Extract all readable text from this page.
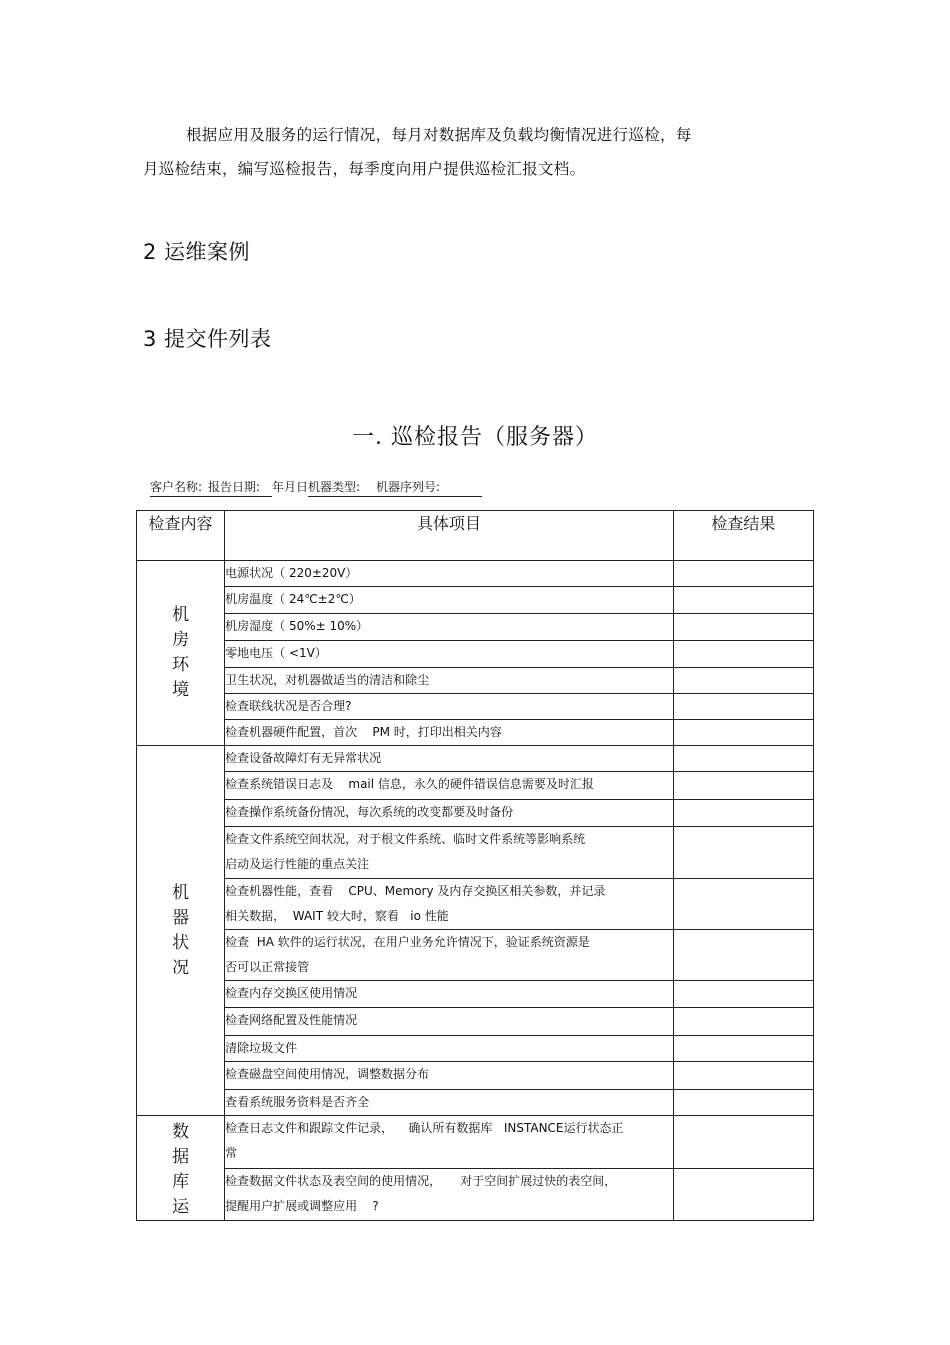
根据应用及服务的运行情况，每月对数据库及负载均衡情况进行巡检，每
月巡检结束，编写巡检报告，每季度向用户提供巡检汇报文档。
2 运维案例
3 提交件列表
一. 巡检报告（服务器）
客户名称: 报告日期: 年月日 机器类型:	机器序列号:
检查内容	具体项目	检查结果
机房环境	电源状况（ 220±20V）	
	机房温度（ 24℃±2℃）	
	机房湿度（ 50%± 10%）	
	零地电压（ <1V）	
	卫生状况，对机器做适当的清洁和除尘	
	检查联线状况是否合理?	
	检查机器硬件配置，首次    PM 时，打印出相关内容	
机器状况	检查设备故障灯有无异常状况	
	检查系统错误日志及    mail 信息，永久的硬件错误信息需要及时汇报	
	检查操作系统备份情况，每次系统的改变都要及时备份	
	检查文件系统空间状况，对于根文件系统、临时文件系统等影响系统
启动及运行性能的重点关注	
	检查机器性能，查看    CPU、Memory 及内存交换区相关参数，并记录
相关数据，  WAIT 较大时，察看   io 性能	
	检查  HA 软件的运行状况，在用户业务允许情况下，验证系统资源是
否可以正常接管	
	检查内存交换区使用情况	
	检查网络配置及性能情况	
	清除垃圾文件	
	检查磁盘空间使用情况，调整数据分布	
	查看系统服务资料是否齐全	
数据库运	检查日志文件和跟踪文件记录，    确认所有数据库   INSTANCE运行状态正
常	
	检查数据文件状态及表空间的使用情况，     对于空间扩展过快的表空间，
提醒用户扩展或调整应用    ?	
